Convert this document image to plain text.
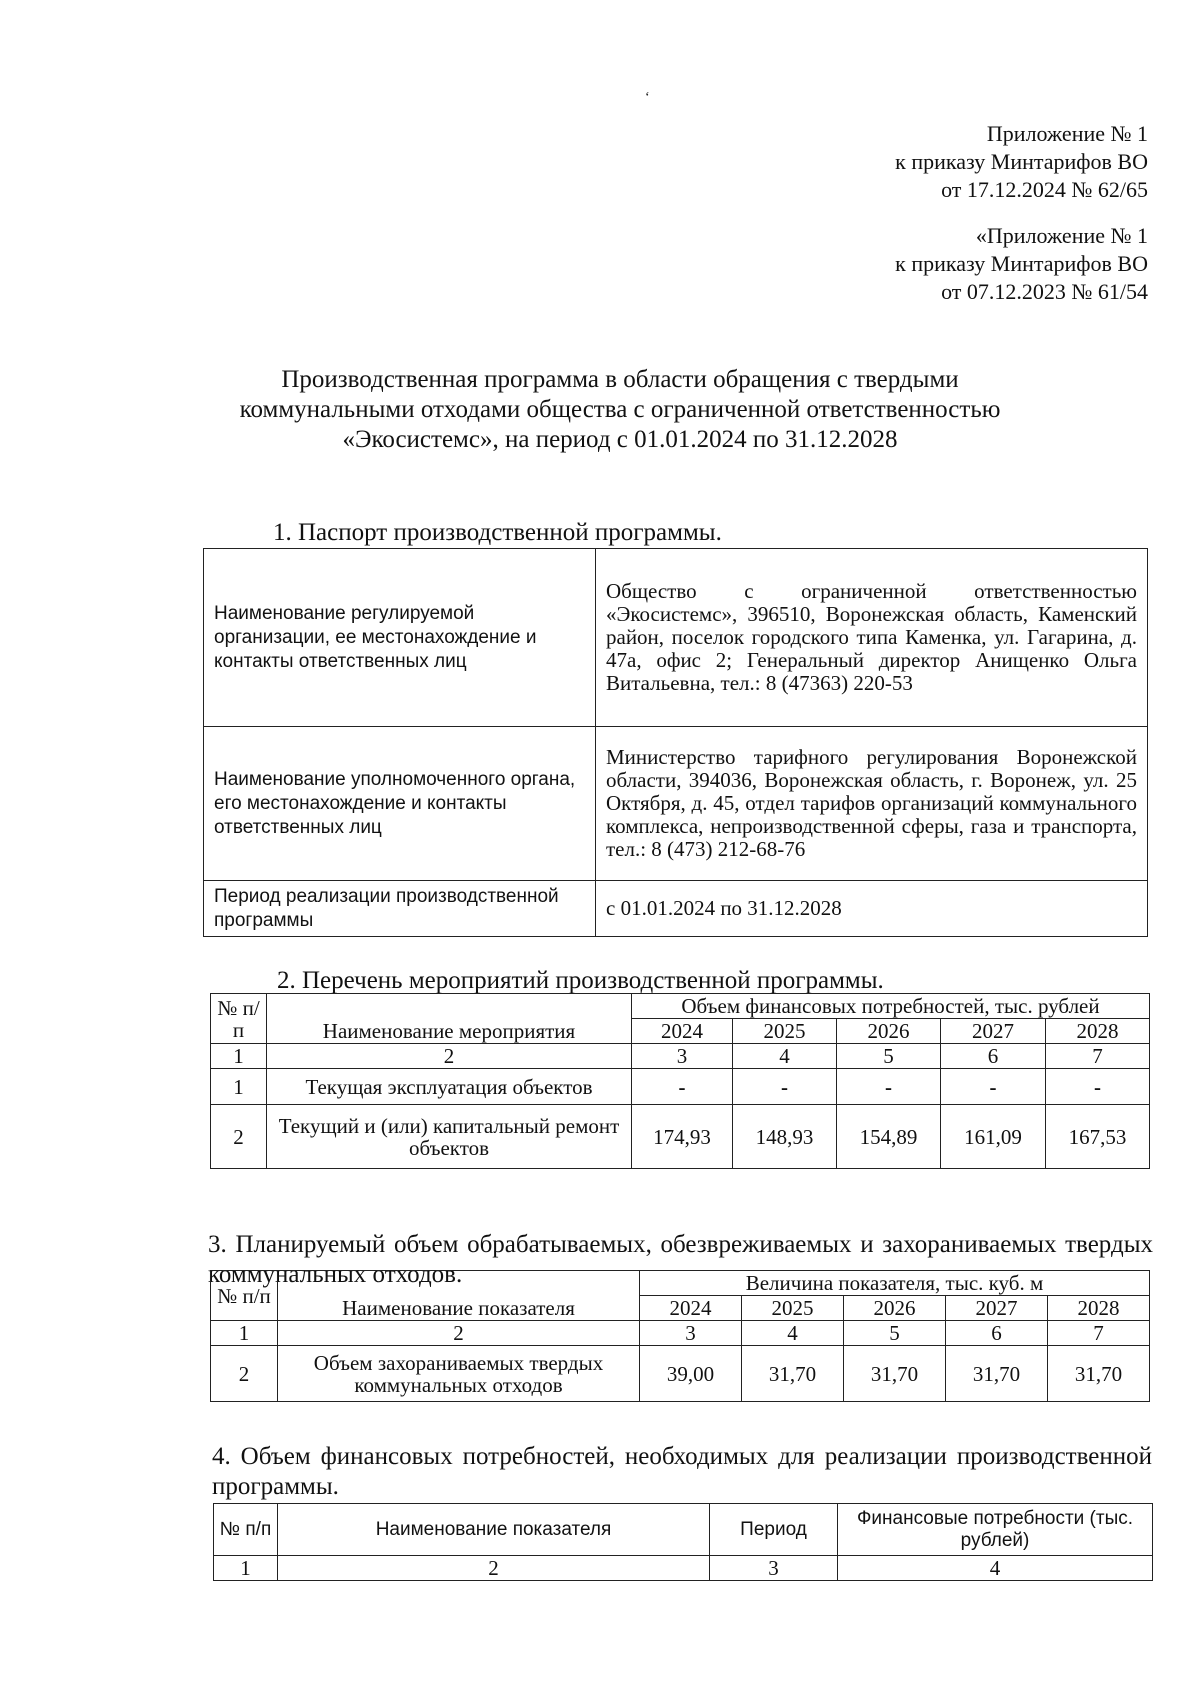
‘
Приложение № 1
к приказу Минтарифов ВО
от 17.12.2024 № 62/65
«Приложение № 1
к приказу Минтарифов ВО
от 07.12.2023 № 61/54
Производственная программа в области обращения с твердыми
коммунальными отходами общества с ограниченной ответственностью
«Экосистемс», на период с 01.01.2024 по 31.12.2028
1. Паспорт производственной программы.
Наименование регулируемой организации, ее местонахождение и контакты ответственных лиц	Общество с ограниченной ответственностью «Экосистемс», 396510, Воронежская область, Каменский район, поселок городского типа Каменка, ул. Гагарина, д. 47а, офис 2; Генеральный директор Анищенко Ольга Витальевна, тел.: 8 (47363) 220-53
Наименование уполномоченного органа, его местонахождение и контакты ответственных лиц	Министерство тарифного регулирования Воронежской области, 394036, Воронежская область, г. Воронеж, ул. 25 Октября, д. 45, отдел тарифов организаций коммунального комплекса, непроизводственной сферы, газа и транспорта, тел.: 8 (473) 212-68-76
Период реализации производственной программы	с 01.01.2024 по 31.12.2028
2. Перечень мероприятий производственной программы.
№ п/п	Наименование мероприятия	Объем финансовых потребностей, тыс. рублей				
		2024	2025	2026	2027	2028
1	2	3	4	5	6	7
1	Текущая эксплуатация объектов	-	-	-	-	-
2	Текущий и (или) капитальный ремонт объектов	174,93	148,93	154,89	161,09	167,53
3. Планируемый объем обрабатываемых, обезвреживаемых и захораниваемых твердых коммунальных отходов.
№ п/п	Наименование показателя	Величина показателя, тыс. куб. м				
		2024	2025	2026	2027	2028
1	2	3	4	5	6	7
2	Объем захораниваемых твердых коммунальных отходов	39,00	31,70	31,70	31,70	31,70
4. Объем финансовых потребностей, необходимых для реализации производственной программы.
№ п/п	Наименование показателя	Период	Финансовые потребности (тыс. рублей)
1	2	3	4
